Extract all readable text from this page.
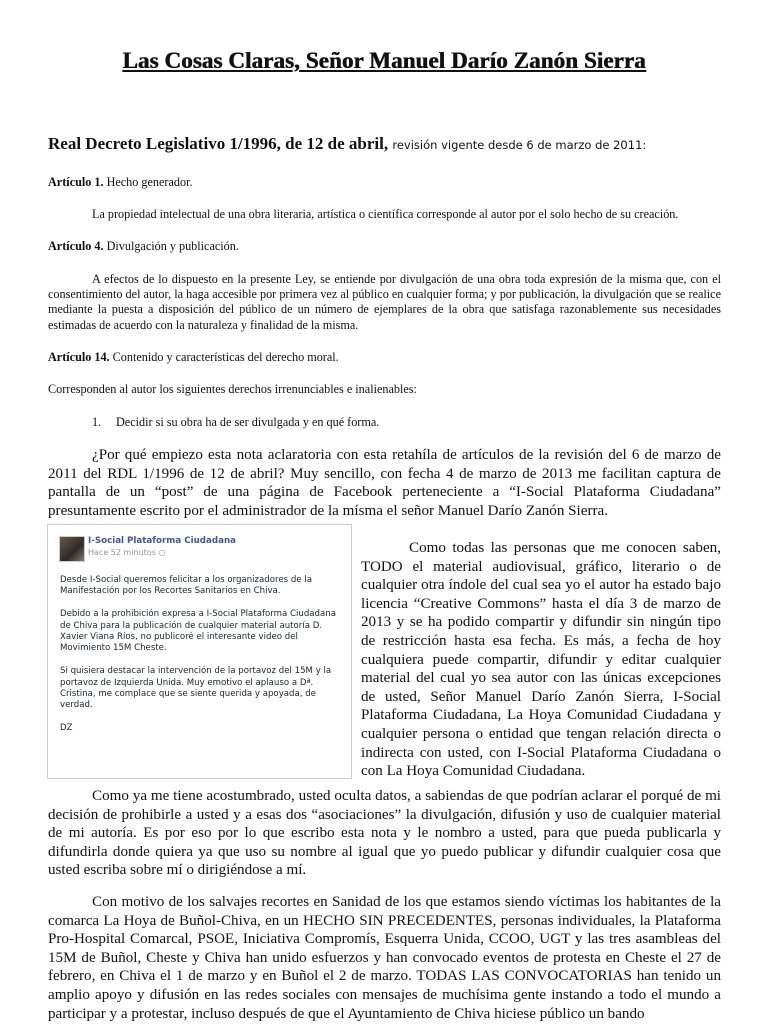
Las Cosas Claras, Señor Manuel Darío Zanón Sierra
Real Decreto Legislativo 1/1996, de 12 de abril, revisión vigente desde 6 de marzo de 2011:
Artículo 1. Hecho generador.
La propiedad intelectual de una obra literaria, artística o científica corresponde al autor por el solo hecho de su creación.
Artículo 4. Divulgación y publicación.
A efectos de lo dispuesto en la presente Ley, se entiende por divulgación de una obra toda expresión de la misma que, con el consentimiento del autor, la haga accesible por primera vez al público en cualquier forma; y por publicación, la divulgación que se realice mediante la puesta a disposición del público de un número de ejemplares de la obra que satisfaga razonablemente sus necesidades estimadas de acuerdo con la naturaleza y finalidad de la misma.
Artículo 14. Contenido y características del derecho moral.
Corresponden al autor los siguientes derechos irrenunciables e inalienables:
1. Decidir si su obra ha de ser divulgada y en qué forma.
¿Por qué empiezo esta nota aclaratoria con esta retahíla de artículos de la revisión del 6 de marzo de 2011 del RDL 1/1996 de 12 de abril? Muy sencillo, con fecha 4 de marzo de 2013 me facilitan captura de pantalla de un “post” de una página de Facebook perteneciente a “I-Social Plataforma Ciudadana” presuntamente escrito por el administrador de la mísma el señor Manuel Darío Zanón Sierra.
I-Social Plataforma Ciudadana
Hace 52 minutos ○

Desde I-Social queremos felicitar a los organizadores de la Manifestación por los Recortes Sanitarios en Chiva.

Debido a la prohibición expresa a I-Social Plataforma Ciudadana de Chiva para la publicación de cualquier material autoría D. Xavier Viana Ríos, no publicoré el interesante video del Movimiento 15M Cheste.

Si quisiera destacar la intervención de la portavoz del 15M y la portavoz de Izquierda Unida. Muy emotivo el aplauso a Dª. Cristina, me complace que se siente querida y apoyada, de verdad.

DZ

Como todas las personas que me conocen saben, TODO el material audiovisual, gráfico, literario o de cualquier otra índole del cual sea yo el autor ha estado bajo licencia “Creative Commons” hasta el día 3 de marzo de 2013 y se ha podido compartir y difundir sin ningún tipo de restricción hasta esa fecha. Es más, a fecha de hoy cualquiera puede compartir, difundir y editar cualquier material del cual yo sea autor con las únicas excepciones de usted, Señor Manuel Darío Zanón Sierra, I-Social Plataforma Ciudadana, La Hoya Comunidad Ciudadana y cualquier persona o entidad que tengan relación directa o indirecta con usted, con I-Social Plataforma Ciudadana o con La Hoya Comunidad Ciudadana.
Como ya me tiene acostumbrado, usted oculta datos, a sabiendas de que podrían aclarar el porqué de mi decisión de prohibirle a usted y a esas dos “asociaciones” la divulgación, difusión y uso de cualquier material de mi autoría. Es por eso por lo que escribo esta nota y le nombro a usted, para que pueda publicarla y difundirla donde quiera ya que uso su nombre al igual que yo puedo publicar y difundir cualquier cosa que usted escriba sobre mí o dirigiéndose a mí.
Con motivo de los salvajes recortes en Sanidad de los que estamos siendo víctimas los habitantes de la comarca La Hoya de Buñol-Chiva, en un HECHO SIN PRECEDENTES, personas individuales, la Plataforma Pro-Hospital Comarcal, PSOE, Iniciativa Compromís, Esquerra Unida, CCOO, UGT y las tres asambleas del 15M de Buñol, Cheste y Chiva han unido esfuerzos y han convocado eventos de protesta en Cheste el 27 de febrero, en Chiva el 1 de marzo y en Buñol el 2 de marzo. TODAS LAS CONVOCATORIAS han tenido un amplio apoyo y difusión en las redes sociales con mensajes de muchísima gente instando a todo el mundo a participar y a protestar, incluso después de que el Ayuntamiento de Chiva hiciese público un bando
